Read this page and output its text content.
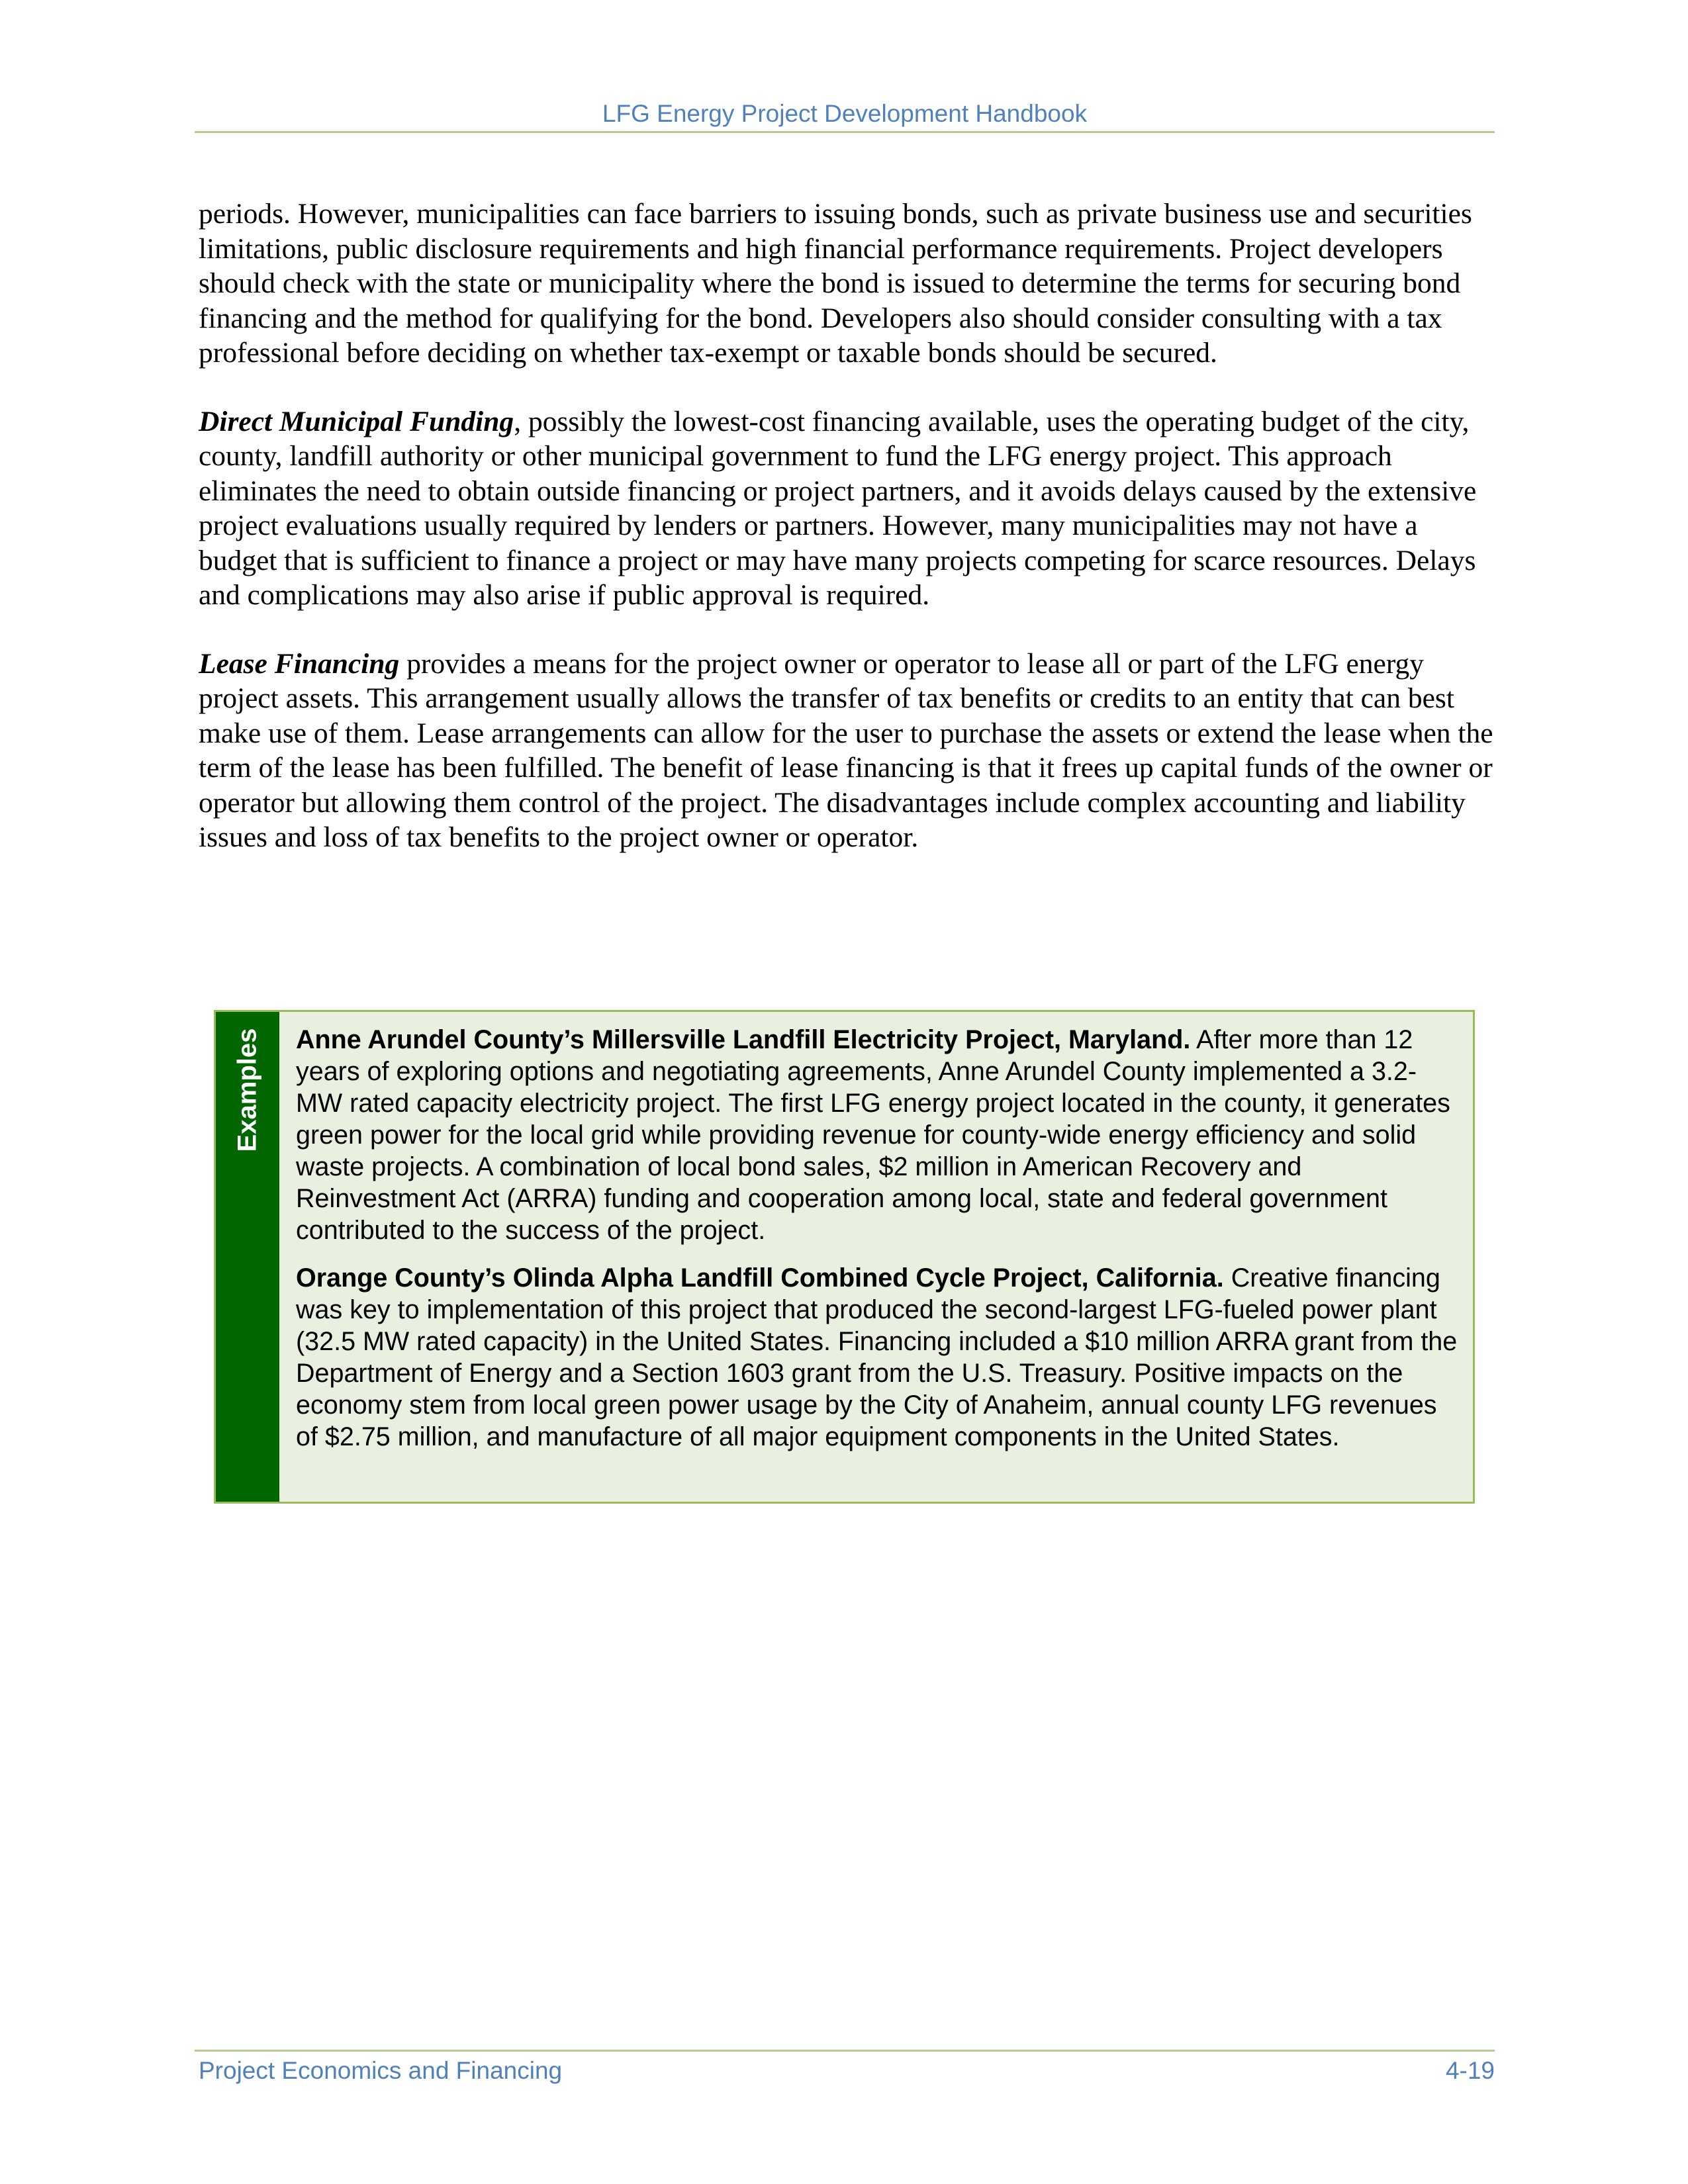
LFG Energy Project Development Handbook

periods. However, municipalities can face barriers to issuing bonds, such as private business use and securities limitations, public disclosure requirements and high financial performance requirements. Project developers should check with the state or municipality where the bond is issued to determine the terms for securing bond financing and the method for qualifying for the bond. Developers also should consider consulting with a tax professional before deciding on whether tax-exempt or taxable bonds should be secured.

Direct Municipal Funding, possibly the lowest-cost financing available, uses the operating budget of the city, county, landfill authority or other municipal government to fund the LFG energy project. This approach eliminates the need to obtain outside financing or project partners, and it avoids delays caused by the extensive project evaluations usually required by lenders or partners. However, many municipalities may not have a budget that is sufficient to finance a project or may have many projects competing for scarce resources. Delays and complications may also arise if public approval is required.

Lease Financing provides a means for the project owner or operator to lease all or part of the LFG energy project assets. This arrangement usually allows the transfer of tax benefits or credits to an entity that can best make use of them. Lease arrangements can allow for the user to purchase the assets or extend the lease when the term of the lease has been fulfilled. The benefit of lease financing is that it frees up capital funds of the owner or operator but allowing them control of the project. The disadvantages include complex accounting and liability issues and loss of tax benefits to the project owner or operator.

Examples Anne Arundel County’s Millersville Landfill Electricity Project, Maryland. After more than 12 years of exploring options and negotiating agreements, Anne Arundel County implemented a 3.2-MW rated capacity electricity project. The first LFG energy project located in the county, it generates green power for the local grid while providing revenue for county-wide energy efficiency and solid waste projects. A combination of local bond sales, $2 million in American Recovery and Reinvestment Act (ARRA) funding and cooperation among local, state and federal government contributed to the success of the project.

Orange County’s Olinda Alpha Landfill Combined Cycle Project, California. Creative financing was key to implementation of this project that produced the second-largest LFG-fueled power plant (32.5 MW rated capacity) in the United States. Financing included a $10 million ARRA grant from the Department of Energy and a Section 1603 grant from the U.S. Treasury. Positive impacts on the economy stem from local green power usage by the City of Anaheim, annual county LFG revenues of $2.75 million, and manufacture of all major equipment components in the United States.

Project Economics and Financing	4-19
